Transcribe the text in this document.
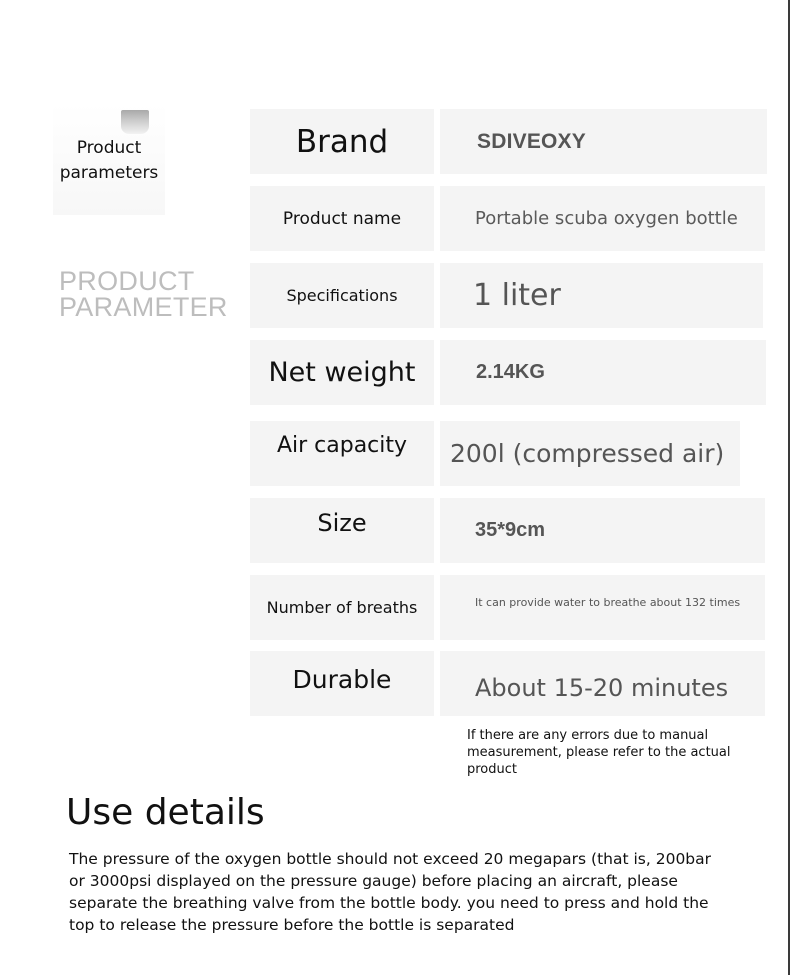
Product
parameters
PRODUCT
PARAMETER
Brand	SDIVEOXY
Product name	Portable scuba oxygen bottle
Specifications	1 liter
Net weight	2.14KG
Air capacity	200l (compressed air)
Size	35*9cm
Number of breaths	It can provide water to breathe about 132 times
Durable	About 15-20 minutes
If there are any errors due to manual measurement, please refer to the actual product
Use details
The pressure of the oxygen bottle should not exceed 20 megapars (that is, 200bar or 3000psi displayed on the pressure gauge) before placing an aircraft, please separate the breathing valve from the bottle body. you need to press and hold the top to release the pressure before the bottle is separated
